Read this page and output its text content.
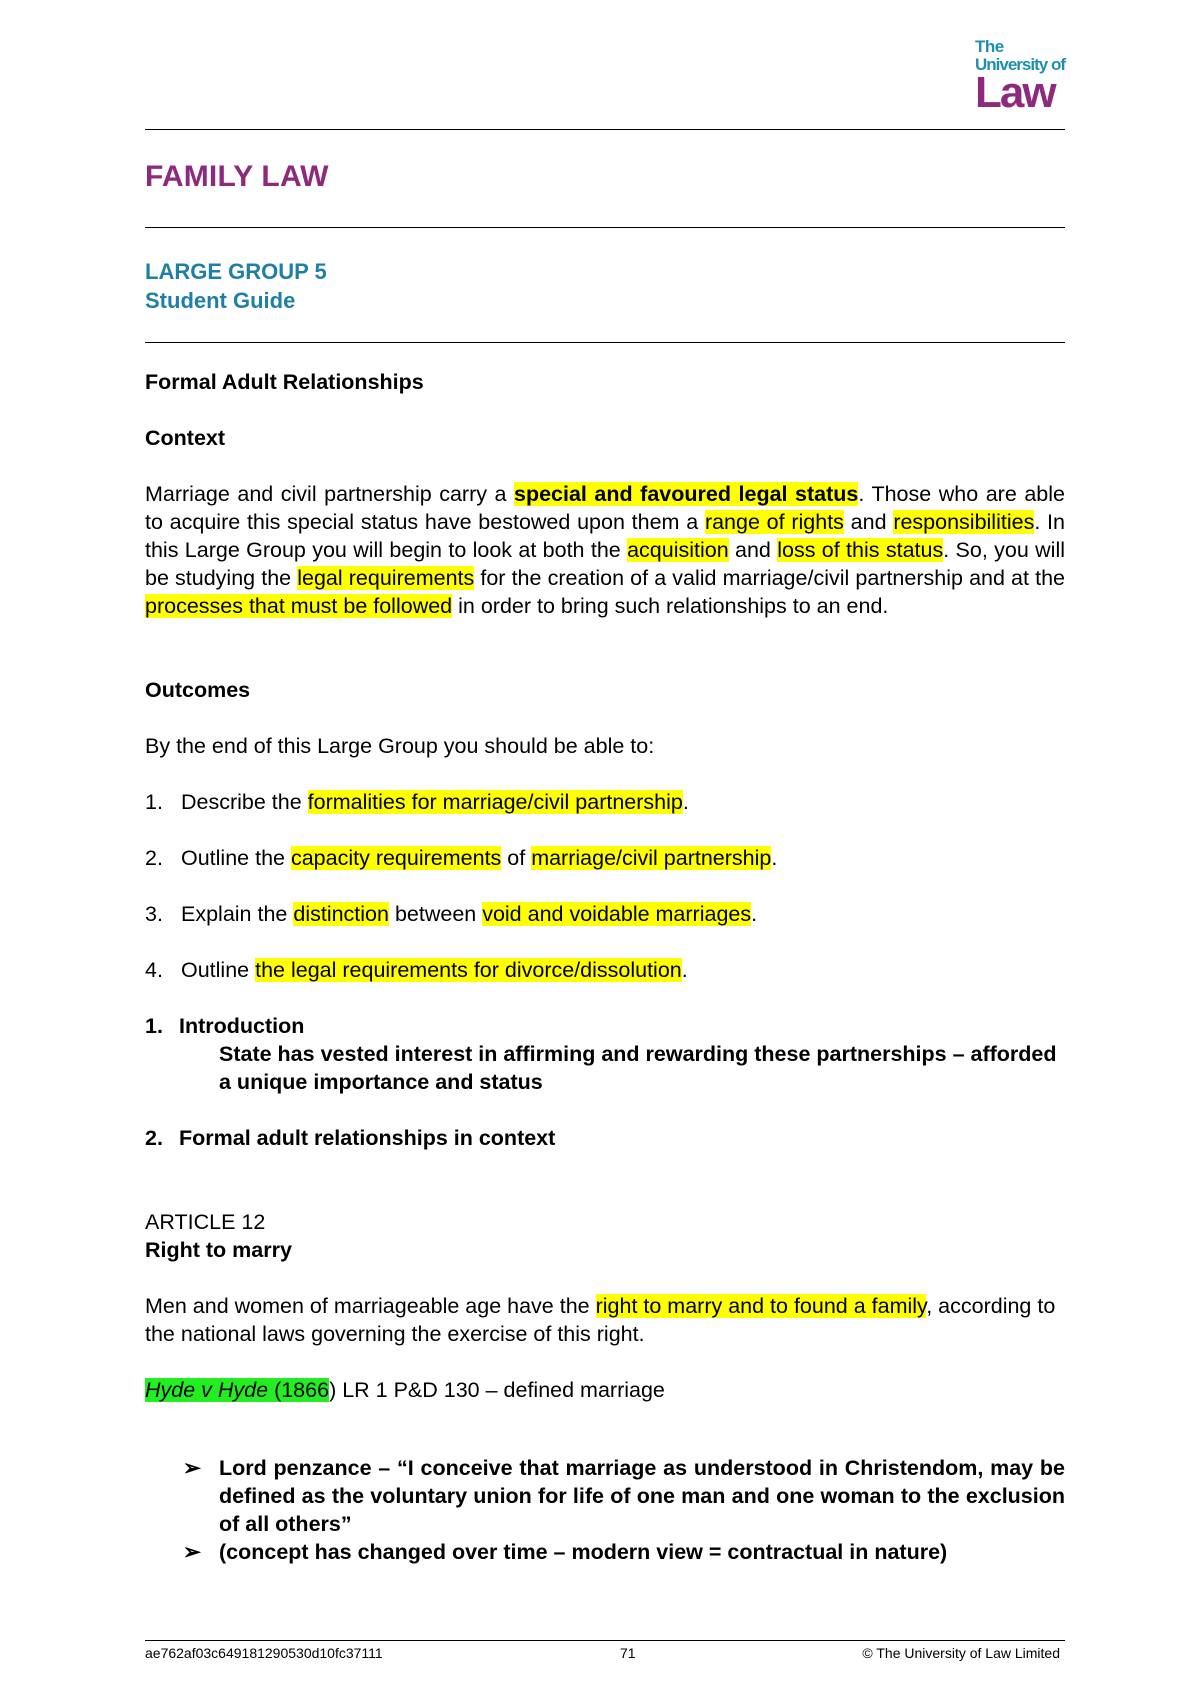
The
University of
Law
FAMILY LAW
LARGE GROUP 5
Student Guide

Formal Adult Relationships

Context

Marriage and civil partnership carry a special and favoured legal status. Those who are able to acquire this special status have bestowed upon them a range of rights and responsibilities. In this Large Group you will begin to look at both the acquisition and loss of this status. So, you will be studying the legal requirements for the creation of a valid marriage/civil partnership and at the processes that must be followed in order to bring such relationships to an end.

Outcomes

By the end of this Large Group you should be able to:

1. Describe the formalities for marriage/civil partnership.
2. Outline the capacity requirements of marriage/civil partnership.
3. Explain the distinction between void and voidable marriages.
4. Outline the legal requirements for divorce/dissolution.

1. Introduction

State has vested interest in affirming and rewarding these partnerships – afforded a unique importance and status

2. Formal adult relationships in context

ARTICLE 12

Right to marry

Men and women of marriageable age have the right to marry and to found a family, according to the national laws governing the exercise of this right.

Hyde v Hyde (1866) LR 1 P&D 130 – defined marriage

➢ Lord penzance – “I conceive that marriage as understood in Christendom, may be defined as the voluntary union for life of one man and one woman to the exclusion of all others”
➢ (concept has changed over time – modern view = contractual in nature)
ae762af03c649181290530d10fc37111	71	© The University of Law Limited
